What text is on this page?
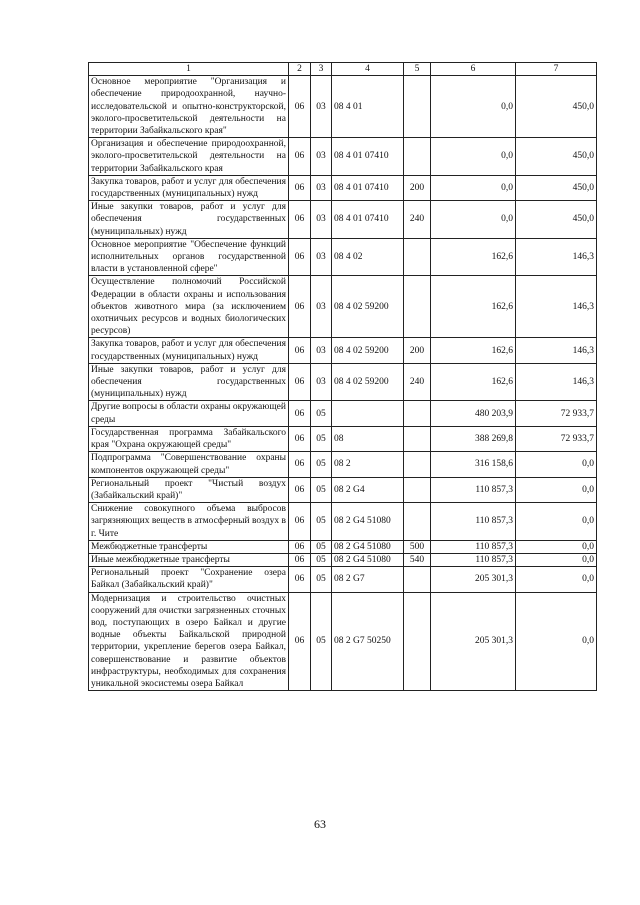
1	2	3	4	5	6	7
Основное мероприятие "Организация и обеспечение природоохранной, научно-исследовательской и опытно-конструкторской, эколого-просветительской деятельности на территории Забайкальского края"	06	03	08 4 01		0,0	450,0
Организация и обеспечение природоохранной, эколого-просветительской деятельности на территории Забайкальского края	06	03	08 4 01 07410		0,0	450,0
Закупка товаров, работ и услуг для обеспечения государственных (муниципальных) нужд	06	03	08 4 01 07410	200	0,0	450,0
Иные закупки товаров, работ и услуг для обеспечения государственных (муниципальных) нужд	06	03	08 4 01 07410	240	0,0	450,0
Основное мероприятие "Обеспечение функций исполнительных органов государственной власти в установленной сфере"	06	03	08 4 02		162,6	146,3
Осуществление полномочий Российской Федерации в области охраны и использования объектов животного мира (за исключением охотничьих ресурсов и водных биологических ресурсов)	06	03	08 4 02 59200		162,6	146,3
Закупка товаров, работ и услуг для обеспечения государственных (муниципальных) нужд	06	03	08 4 02 59200	200	162,6	146,3
Иные закупки товаров, работ и услуг для обеспечения государственных (муниципальных) нужд	06	03	08 4 02 59200	240	162,6	146,3
Другие вопросы в области охраны окружающей среды	06	05			480 203,9	72 933,7
Государственная программа Забайкальского края "Охрана окружающей среды"	06	05	08		388 269,8	72 933,7
Подпрограмма "Совершенствование охраны компонентов окружающей среды"	06	05	08 2		316 158,6	0,0
Региональный проект "Чистый воздух (Забайкальский край)"	06	05	08 2 G4		110 857,3	0,0
Снижение совокупного объема выбросов загрязняющих веществ в атмосферный воздух в г. Чите	06	05	08 2 G4 51080		110 857,3	0,0
Межбюджетные трансферты	06	05	08 2 G4 51080	500	110 857,3	0,0
Иные межбюджетные трансферты	06	05	08 2 G4 51080	540	110 857,3	0,0
Региональный проект "Сохранение озера Байкал (Забайкальский край)"	06	05	08 2 G7		205 301,3	0,0
Модернизация и строительство очистных сооружений для очистки загрязненных сточных вод, поступающих в озеро Байкал и другие водные объекты Байкальской природной территории, укрепление берегов озера Байкал, совершенствование и развитие объектов инфраструктуры, необходимых для сохранения уникальной экосистемы озера Байкал	06	05	08 2 G7 50250		205 301,3	0,0
63
